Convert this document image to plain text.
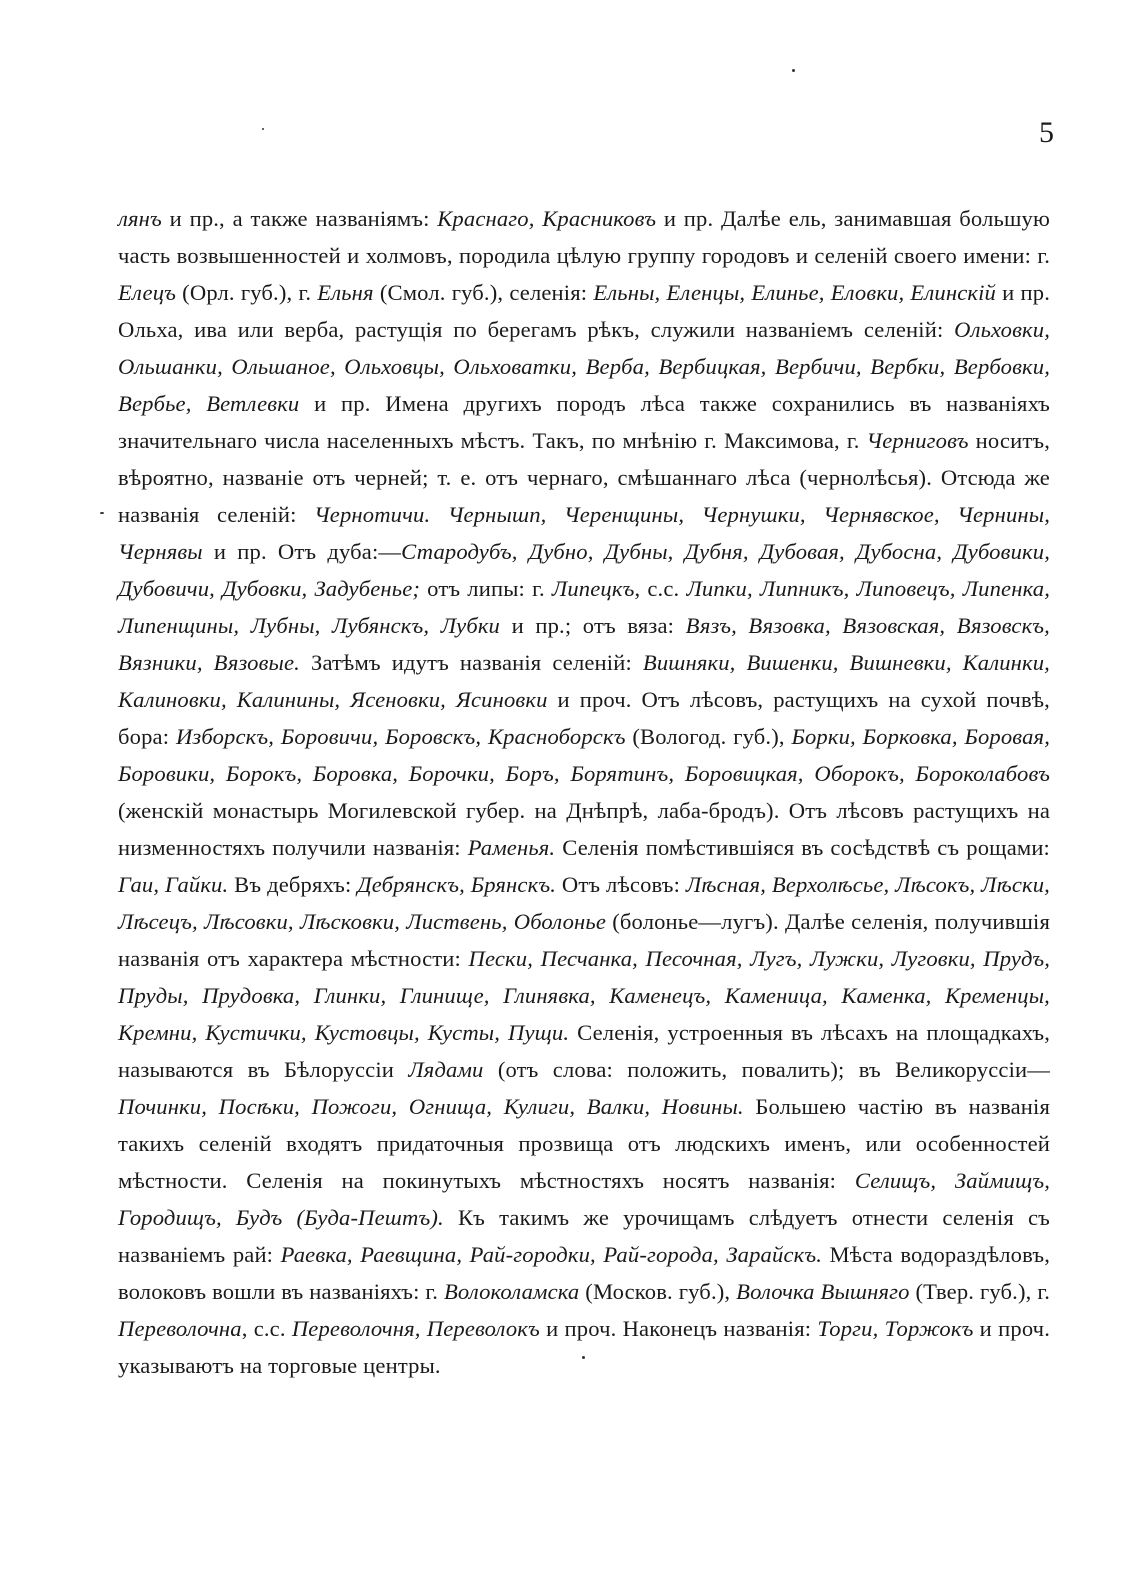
5

лянъ и пр., а также названіямъ: Краснаго, Красниковъ и пр. Далѣе ель, занимавшая большую часть возвышенностей и холмовъ, породила цѣлую группу городовъ и селеній своего имени: г. Елецъ (Орл. губ.), г. Ельня (Смол. губ.), селенія: Ельны, Еленцы, Елинье, Еловки, Елинскій и пр. Ольха, ива или верба, растущія по берегамъ рѣкъ, служили названіемъ селеній: Ольховки, Ольшанки, Ольшаное, Ольховцы, Ольховатки, Верба, Вербицкая, Вербичи, Вербки, Вербовки, Вербье, Ветлевки и пр. Имена другихъ породъ лѣса также сохранились въ названіяхъ значительнаго числа населенныхъ мѣстъ. Такъ, по мнѣнію г. Максимова, г. Черниговъ носитъ, вѣроятно, названіе отъ черней; т. е. отъ чернаго, смѣшаннаго лѣса (чернолѣсья). Отсюда же названія селеній: Чернотичи. Чернышп, Черенщины, Чернушки, Чернявское, Чернины, Чернявы и пр. Отъ дуба:—Стародубъ, Дубно, Дубны, Дубня, Дубовая, Дубосна, Дубовики, Дубовичи, Дубовки, Задубенье; отъ липы: г. Липецкъ, с.с. Липки, Липникъ, Липовецъ, Липенка, Липенщины, Лубны, Лубянскъ, Лубки и пр.; отъ вяза: Вязъ, Вязовка, Вязовская, Вязовскъ, Вязники, Вязовые. Затѣмъ идутъ названія селеній: Вишняки, Вишенки, Вишневки, Калинки, Калиновки, Калинины, Ясеновки, Ясиновки и проч. Отъ лѣсовъ, растущихъ на сухой почвѣ, бора: Изборскъ, Боровичи, Боровскъ, Красноборскъ (Вологод. губ.), Борки, Борковка, Боровая, Боровики, Борокъ, Боровка, Борочки, Боръ, Борятинъ, Боровицкая, Оборокъ, Бороколабовъ (женскій монастырь Могилевской губер. на Днѣпрѣ, лаба-бродъ). Отъ лѣсовъ растущихъ на низменностяхъ получили названія: Раменья. Селенія помѣстившіяся въ сосѣдствѣ съ рощами: Гаи, Гайки. Въ дебряхъ: Дебрянскъ, Брянскъ. Отъ лѣсовъ: Лѣсная, Верхолѣсье, Лѣсокъ, Лѣски, Лѣсецъ, Лѣсовки, Лѣсковки, Листвень, Оболонье (болонье—лугъ). Далѣе селенія, получившія названія отъ характера мѣстности: Пески, Песчанка, Песочная, Лугъ, Лужки, Луговки, Прудъ, Пруды, Прудовка, Глинки, Глинище, Глинявка, Каменецъ, Каменица, Каменка, Кременцы, Кремни, Кустички, Кустовцы, Кусты, Пущи. Селенія, устроенныя въ лѣсахъ на площадкахъ, называются въ Бѣлоруссіи Лядами (отъ слова: положить, повалить); въ Великоруссіи—Починки, Посѣки, Пожоги, Огнища, Кулиги, Валки, Новины. Большею частію въ названія такихъ селеній входятъ придаточныя прозвища отъ людскихъ именъ, или особенностей мѣстности. Селенія на покинутыхъ мѣстностяхъ носятъ названія: Селищъ, Займищъ, Городищъ, Будъ (Буда-Пештъ). Къ такимъ же урочищамъ слѣдуетъ отнести селенія съ названіемъ рай: Раевка, Раевщина, Рай-городки, Рай-города, Зарайскъ. Мѣста водораздѣловъ, волоковъ вошли въ названіяхъ: г. Волоколамска (Москов. губ.), Волочка Вышняго (Твер. губ.), г. Переволочна, с.с. Переволочня, Переволокъ и проч. Наконецъ названія: Торги, Торжокъ и проч. указываютъ на торговые центры.
